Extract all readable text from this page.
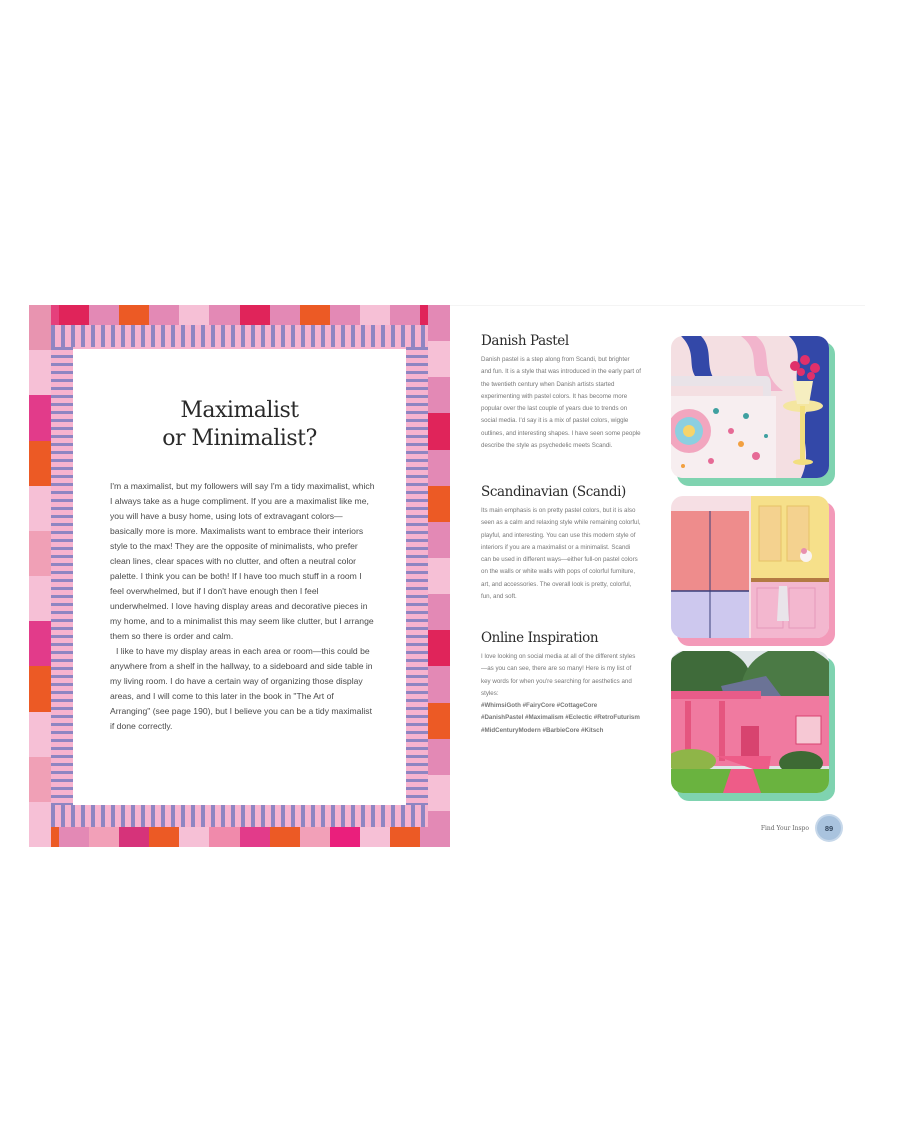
Maximalist
or Minimalist?

I'm a maximalist, but my followers will say I'm a tidy maximalist, which I always take as a huge compliment. If you are a maximalist like me, you will have a busy home, using lots of extravagant colors—basically more is more. Maximalists want to embrace their interiors style to the max! They are the opposite of minimalists, who prefer clean lines, clear spaces with no clutter, and often a neutral color palette. I think you can be both! If I have too much stuff in a room I feel overwhelmed, but if I don't have enough then I feel underwhelmed. I love having display areas and decorative pieces in my home, and to a minimalist this may seem like clutter, but I arrange them so there is order and calm.

I like to have my display areas in each area or room—this could be anywhere from a shelf in the hallway, to a sideboard and side table in my living room. I do have a certain way of organizing those display areas, and I will come to this later in the book in "The Art of Arranging" (see page 190), but I believe you can be a tidy maximalist if done correctly.

Danish Pastel

Danish pastel is a step along from Scandi, but brighter and fun. It is a style that was introduced in the early part of the twentieth century when Danish artists started experimenting with pastel colors. It has become more popular over the last couple of years due to trends on social media. I'd say it is a mix of pastel colors, wiggle outlines, and interesting shapes. I have seen some people describe the style as psychedelic meets Scandi.

Scandinavian (Scandi)

Its main emphasis is on pretty pastel colors, but it is also seen as a calm and relaxing style while remaining colorful, playful, and interesting. You can use this modern style of interiors if you are a maximalist or a minimalist. Scandi can be used in different ways—either full-on pastel colors on the walls or white walls with pops of colorful furniture, art, and accessories. The overall look is pretty, colorful, fun, and soft.

Online Inspiration

I love looking on social media at all of the different styles—as you can see, there are so many! Here is my list of key words for when you're searching for aesthetics and styles:

#WhimsiGoth #FairyCore #CottageCore #DanishPastel #Maximalism #Eclectic #RetroFuturism #MidCenturyModern #BarbieCore #Kitsch

Find Your Inspo	89
